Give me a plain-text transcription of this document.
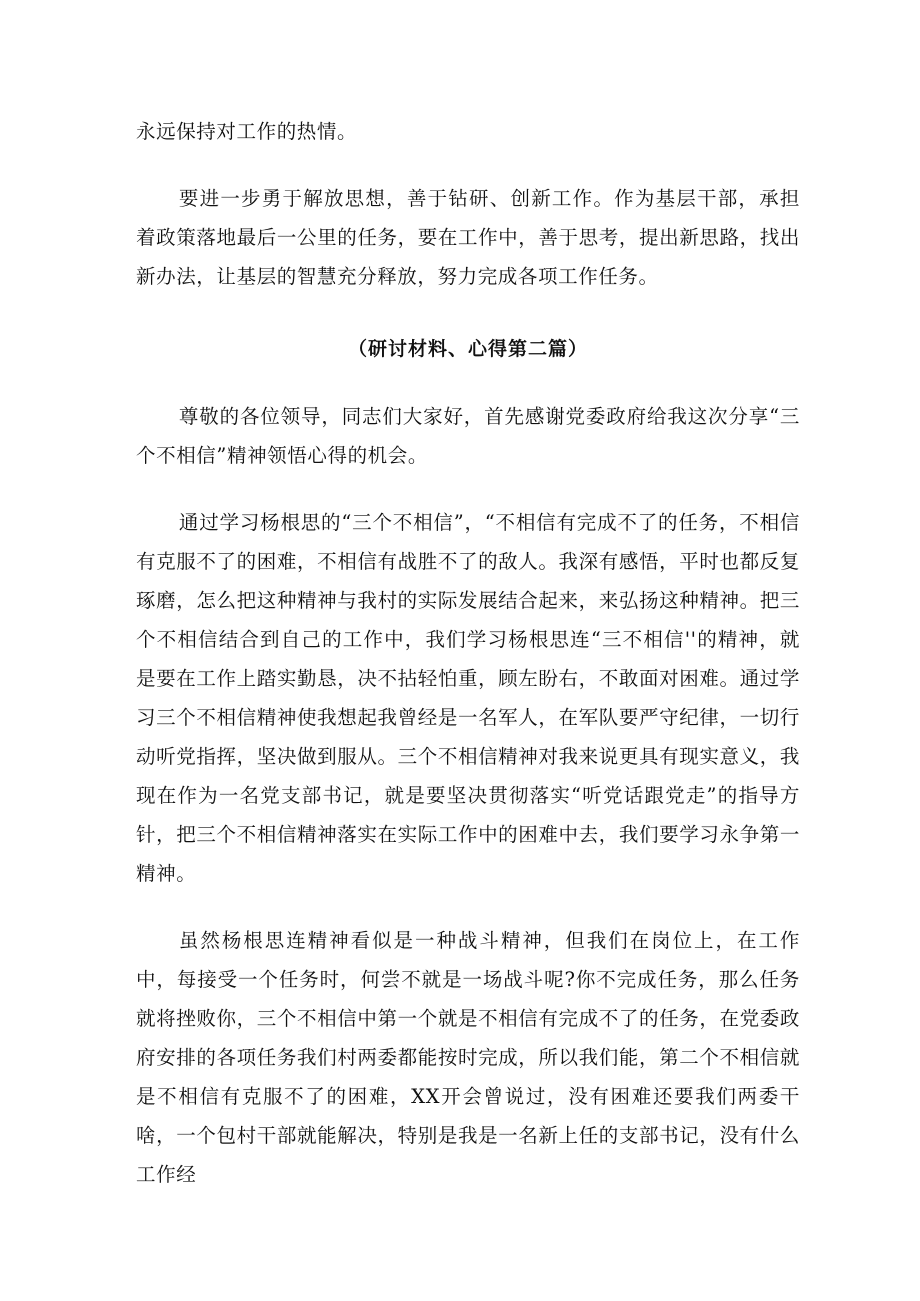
永远保持对工作的热情。

要进一步勇于解放思想，善于钻研、创新工作。作为基层干部，承担着政策落地最后一公里的任务，要在工作中，善于思考，提出新思路，找出新办法，让基层的智慧充分释放，努力完成各项工作任务。

（研讨材料、心得第二篇）

尊敬的各位领导，同志们大家好，首先感谢党委政府给我这次分享“三个不相信”精神领悟心得的机会。

通过学习杨根思的“三个不相信”，“不相信有完成不了的任务，不相信有克服不了的困难，不相信有战胜不了的敌人。我深有感悟，平时也都反复琢磨，怎么把这种精神与我村的实际发展结合起来，来弘扬这种精神。把三个不相信结合到自己的工作中，我们学习杨根思连“三不相信''的精神，就是要在工作上踏实勤恳，决不拈轻怕重，顾左盼右，不敢面对困难。通过学习三个不相信精神使我想起我曾经是一名军人，在军队要严守纪律，一切行动听党指挥，坚决做到服从。三个不相信精神对我来说更具有现实意义，我现在作为一名党支部书记，就是要坚决贯彻落实“听党话跟党走”的指导方针，把三个不相信精神落实在实际工作中的困难中去，我们要学习永争第一精神。

虽然杨根思连精神看似是一种战斗精神，但我们在岗位上，在工作中，每接受一个任务时，何尝不就是一场战斗呢?你不完成任务，那么任务就将挫败你，三个不相信中第一个就是不相信有完成不了的任务，在党委政府安排的各项任务我们村两委都能按时完成，所以我们能，第二个不相信就是不相信有克服不了的困难，XX开会曾说过，没有困难还要我们两委干啥，一个包村干部就能解决，特别是我是一名新上任的支部书记，没有什么工作经
